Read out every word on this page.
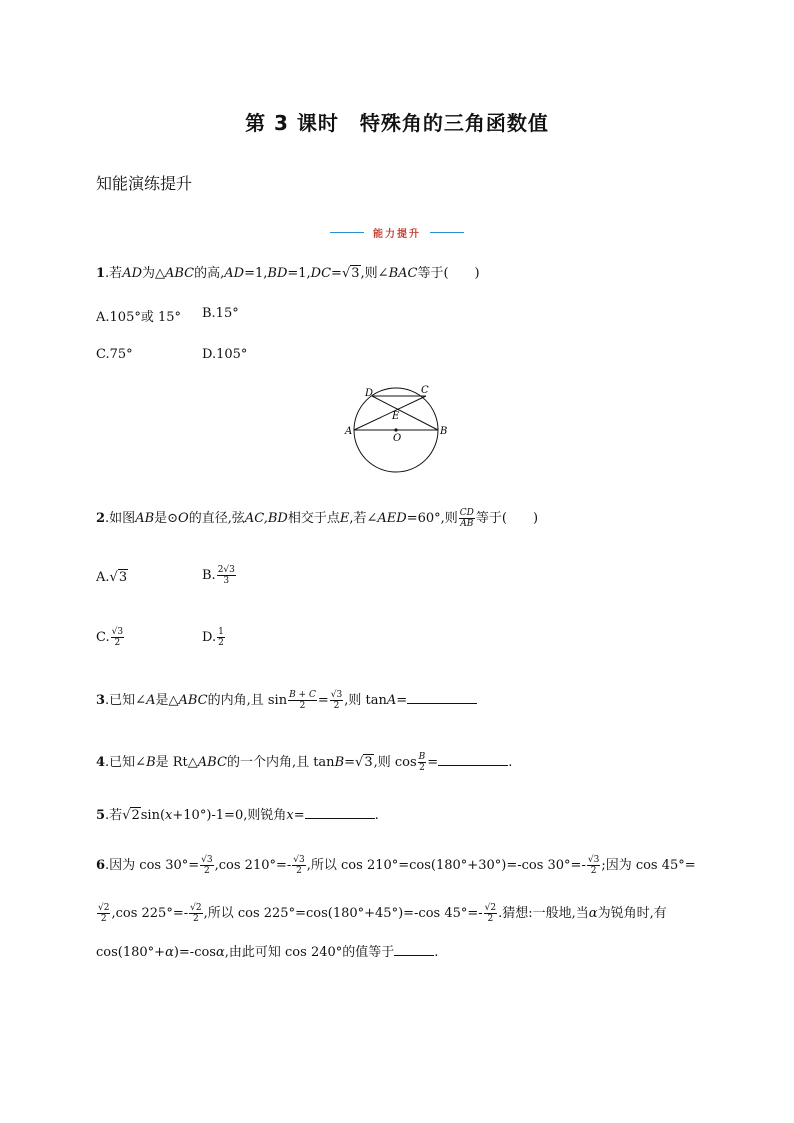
第 3 课时　特殊角的三角函数值
知能演练提升
能力提升
1.若AD为△ABC的高,AD=1,BD=1,DC=√3,则∠BAC等于(　　)
A.105°或 15° B.15°
C.75°	D.105°
D	C
E
A
O
B
2.如图AB是⊙O的直径,弦AC,BD相交于点E,若∠AED=60°,则 $\frac{CD}{AB}$ 等于(　　)
A.√3	B. $\frac{2√3}{3}$
C. $\frac{√3}{2}$	D. $\frac{1}{2}$
3.已知∠A是△ABC的内角,且 $\sin \frac{B + C}{2} = \frac{√3}{2}$ ,则 tanA=
4.已知∠B是 Rt△ABC的一个内角,且 tanB=√3,则 $\cos \frac{B}{2}$ =	.
5.若√2sin(x+10°)-1=0,则锐角x=	.
6.因为 $\cos 30^\circ= \frac{√3}{2} ,\cos$ $210^\circ=- \frac{√3}{2}$ ,所以 cos 210°=cos(180°+30°)=-cos $30^\circ=- \frac{√3}{2}$ ;因为 cos 45°=
$\frac{√2}{2} ,\cos$ $225^\circ=- \frac{√2}{2}$ ,所以 cos 225°=cos(180°+45°)=-cos $45^\circ=- \frac{√2}{2}$ .猜想:一般地,当α为锐角时,有
cos(180°+α)=-cosα,由此可知 cos 240°的值等于	.
